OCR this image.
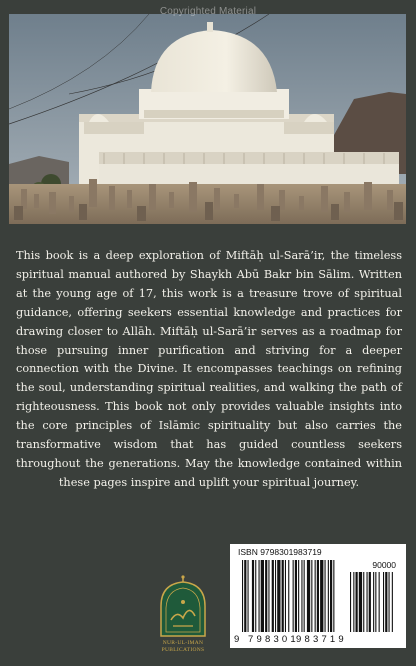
Copyrighted Material

This book is a deep exploration of Miftāḥ ul-Sarā’ir, the timeless spiritual manual authored by Shaykh Abū Bakr bin Sālim. Written at the young age of 17, this work is a treasure trove of spiritual guidance, offering seekers essential knowledge and practices for drawing closer to Allāh. Miftāḥ ul-Sarā’ir serves as a roadmap for those pursuing inner purification and striving for a deeper connection with the Divine. It encompasses teachings on refining the soul, understanding spiritual realities, and walking the path of righteousness. This book not only provides valuable insights into the core principles of Islāmic spirituality but also carries the transformative wisdom that has guided countless seekers throughout the generations. May the knowledge contained within these pages inspire and uplift your spiritual journey.

NUR-UL-IMAN
PUBLICATIONS
ISBN 9798301983719
90000
9 798301
983719
